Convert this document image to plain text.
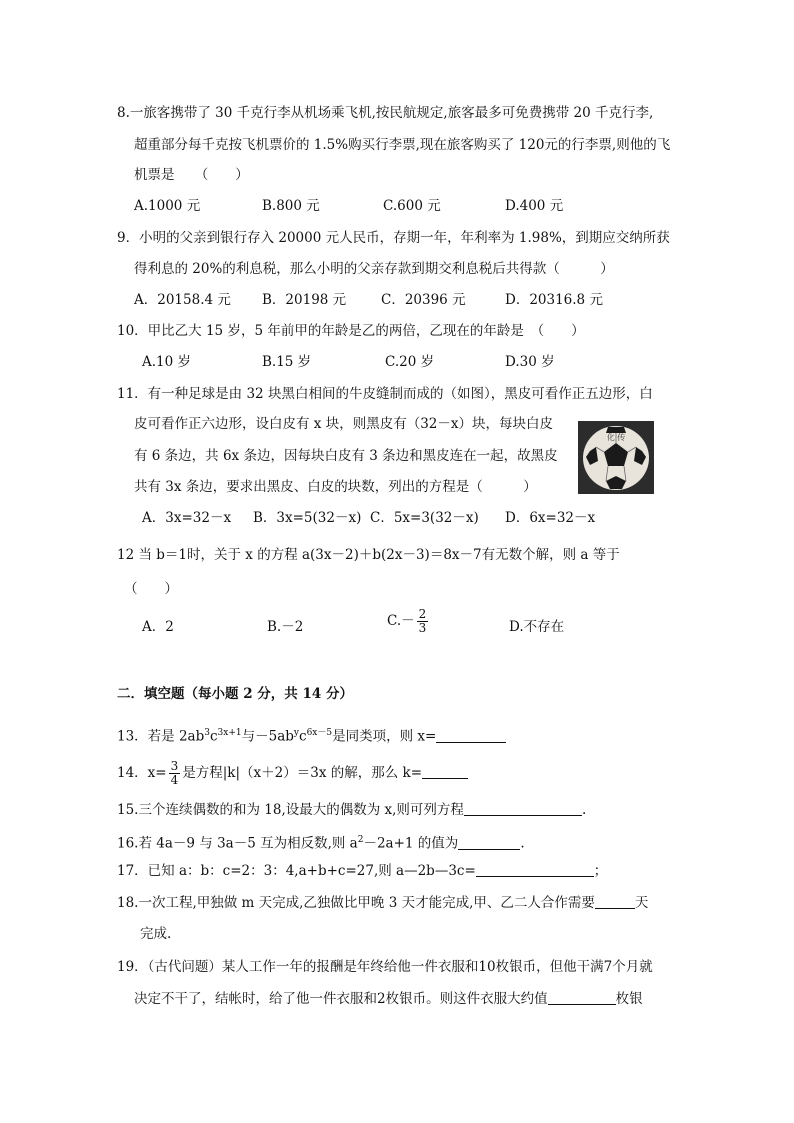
8.一旅客携带了 30 千克行李从机场乘飞机,按民航规定,旅客最多可免费携带 20 千克行李,
超重部分每千克按飞机票价的 1.5%购买行李票,现在旅客购买了 120元的行李票,则他的飞
机票是　　（　　）
A.1000 元	B.800 元	C.600 元	D.400 元
9．小明的父亲到银行存入 20000 元人民币，存期一年，年利率为 1.98%，到期应交纳所获
得利息的 20%的利息税，那么小明的父亲存款到期交利息税后共得款（　　　）
A．20158.4 元 B．20198 元	C．20396 元	D．20316.8 元
10．甲比乙大 15 岁，5 年前甲的年龄是乙的两倍，乙现在的年龄是　（　　）
A.10 岁	B.15 岁	C.20 岁	D.30 岁
11．有一种足球是由 32 块黑白相间的牛皮缝制而成的（如图），黑皮可看作正五边形，白
皮可看作正六边形，设白皮有 x 块，则黑皮有（32－x）块，每块白皮
有 6 条边，共 6x 条边，因每块白皮有 3 条边和黑皮连在一起，故黑皮
共有 3x 条边，要求出黑皮、白皮的块数，列出的方程是（　　　）
化 传
A．3x=32－x B．3x=5(32－x) C．5x=3(32－x) D．6x=32－x
12 当 b＝1时，关于 x 的方程 a(3x－2)＋b(2x－3)＝8x－7有无数个解，则 a 等于
（　　）
A．2	B.－2	$C.- \frac{2}{3}$	D.不存在
二．填空题（每小题 2 分，共 14 分）
13．若是 $2ab^3c^{3x+1}$与$-5ab^yc^{6x-5}$是同类项，则 x=
14．$x= \frac{3}{4}$ 是方程|k|（x＋2）＝3x 的解，那么 k=
15.三个连续偶数的和为 18,设最大的偶数为 x,则可列方程	.
16.若 4a－9 与 3a－5 互为相反数,则 $a^2-2a+1$ 的值为	.
17．已知 a：b：c=2：3：4,a+b+c=27,则 a—2b—3c=	；
18.一次工程,甲独做 m 天完成,乙独做比甲晚 3 天才能完成,甲、乙二人合作需要	天
完成.
19．（古代问题）某人工作一年的报酬是年终给他一件衣服和10枚银币，但他干满7个月就
决定不干了，结帐时，给了他一件衣服和2枚银币。则这件衣服大约值	枚银
